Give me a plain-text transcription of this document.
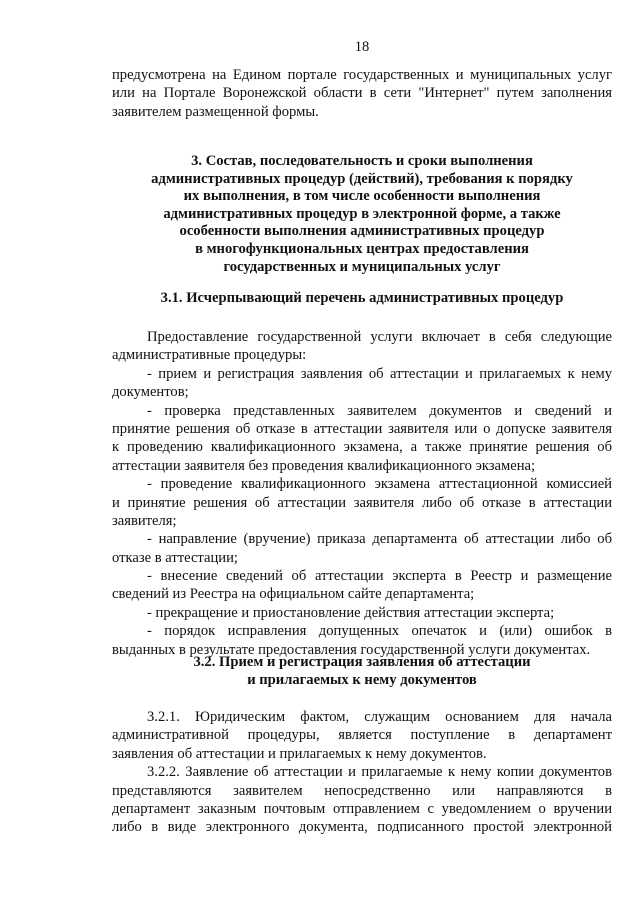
18
предусмотрена на Едином портале государственных и муниципальных услуг
или на Портале Воронежской области в сети "Интернет" путем заполнения
заявителем размещенной формы.
3. Состав, последовательность и сроки выполнения
административных процедур (действий), требования к порядку
их выполнения, в том числе особенности выполнения
административных процедур в электронной форме, а также
особенности выполнения административных процедур
в многофункциональных центрах предоставления
государственных и муниципальных услуг
3.1. Исчерпывающий перечень административных процедур
Предоставление государственной услуги включает в себя следующие
административные процедуры:
- прием и регистрация заявления об аттестации и прилагаемых к нему
документов;
- проверка представленных заявителем документов и сведений и
принятие решения об отказе в аттестации заявителя или о допуске заявителя
к проведению квалификационного экзамена, а также принятие решения об
аттестации заявителя без проведения квалификационного экзамена;
- проведение квалификационного экзамена аттестационной комиссией
и принятие решения об аттестации заявителя либо об отказе в аттестации
заявителя;
- направление (вручение) приказа департамента об аттестации либо об
отказе в аттестации;
- внесение сведений об аттестации эксперта в Реестр и размещение
сведений из Реестра на официальном сайте департамента;
- прекращение и приостановление действия аттестации эксперта;
- порядок исправления допущенных опечаток и (или) ошибок в
выданных в результате предоставления государственной услуги документах.
3.2. Прием и регистрация заявления об аттестации
и прилагаемых к нему документов
3.2.1. Юридическим фактом, служащим основанием для начала
административной процедуры, является поступление в департамент
заявления об аттестации и прилагаемых к нему документов.
3.2.2. Заявление об аттестации и прилагаемые к нему копии документов
представляются заявителем непосредственно или направляются в
департамент заказным почтовым отправлением с уведомлением о вручении
либо в виде электронного документа, подписанного простой электронной
